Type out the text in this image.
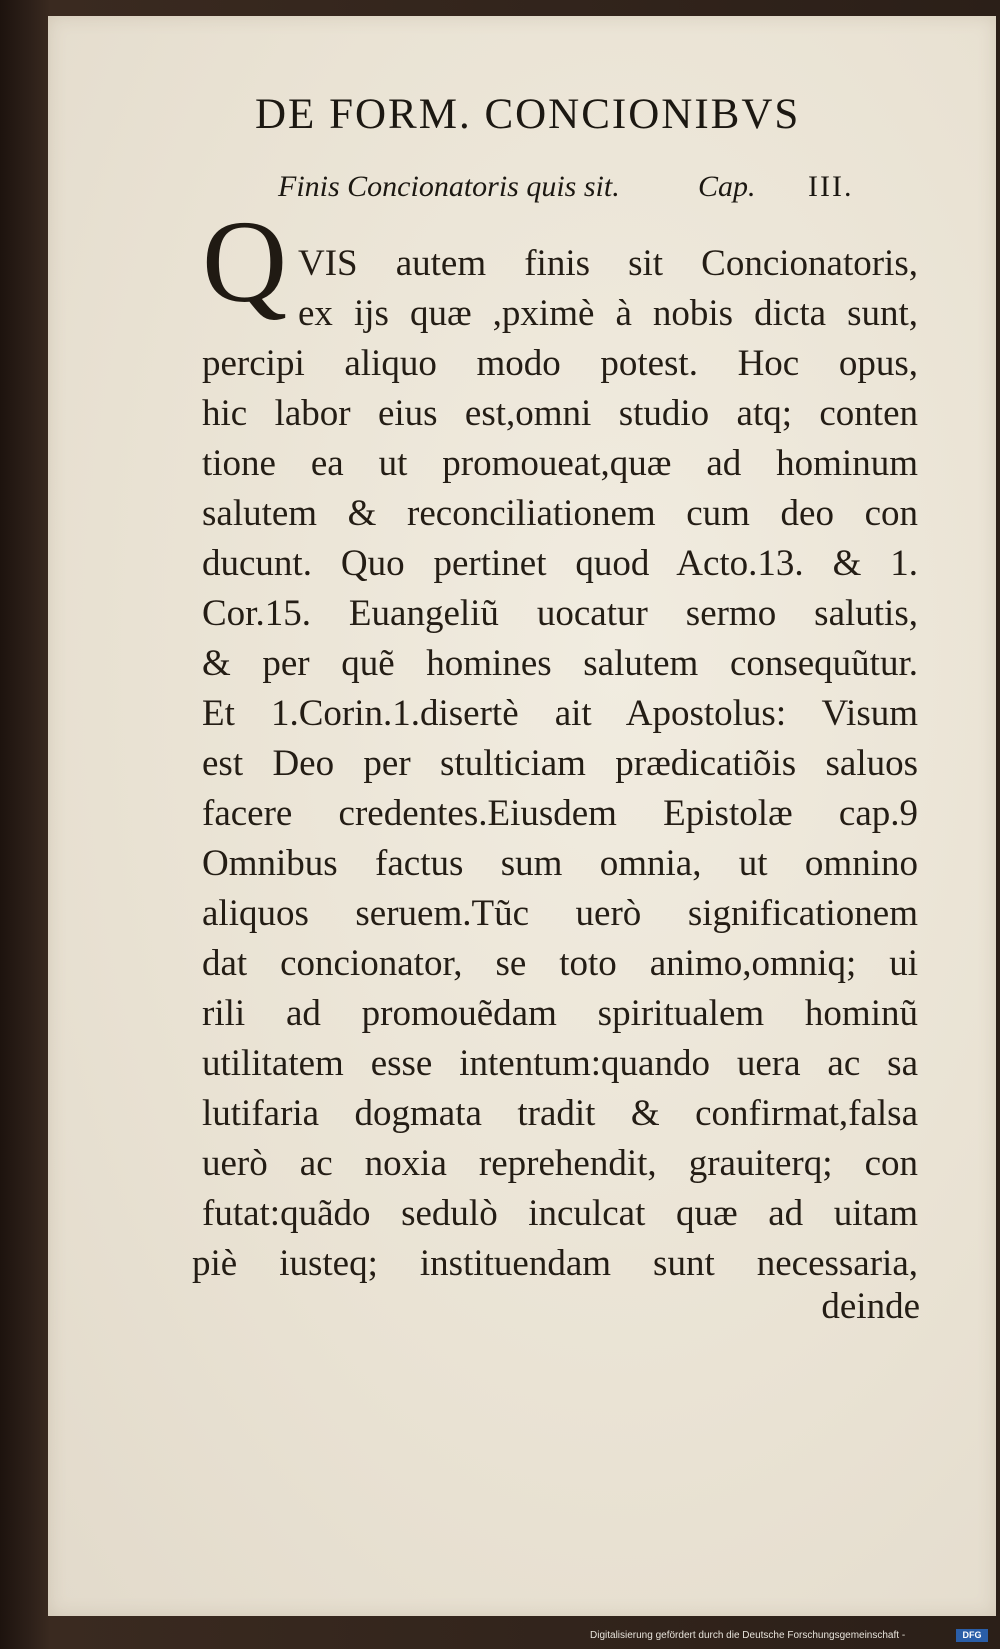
DE FORM. CONCIONIBVS
Finis Concionatoris quis sit.	Cap. III.
Q VIS autem finis sit Concionatoris,
ex ijs quæ ,pximè à nobis dicta sunt,
percipi aliquo modo potest. Hoc opus,
hic labor eius est,omni studio atq; conten
tione ea ut promoueat,quæ ad hominum
salutem & reconciliationem cum deo con
ducunt. Quo pertinet quod Acto.13. & 1.
Cor.15. Euangeliũ uocatur sermo salutis,
& per quẽ homines salutem consequũtur.
Et 1.Corin.1.disertè ait Apostolus: Visum
est Deo per stulticiam prædicatiõis saluos
facere credentes.Eiusdem Epistolæ cap.9
Omnibus factus sum omnia, ut omnino
aliquos seruem.Tũc uerò significationem
dat concionator, se toto animo,omniq; ui
rili ad promouẽdam spiritualem hominũ
utilitatem esse intentum:quando uera ac sa
lutifaria dogmata tradit & confirmat,falsa
uerò ac noxia reprehendit, grauiterq; con
futat:quãdo sedulò inculcat quæ ad uitam
piè iusteq; instituendam sunt necessaria,
deinde
Digitalisierung gefördert durch die Deutsche Forschungsgemeinschaft -	DFG
